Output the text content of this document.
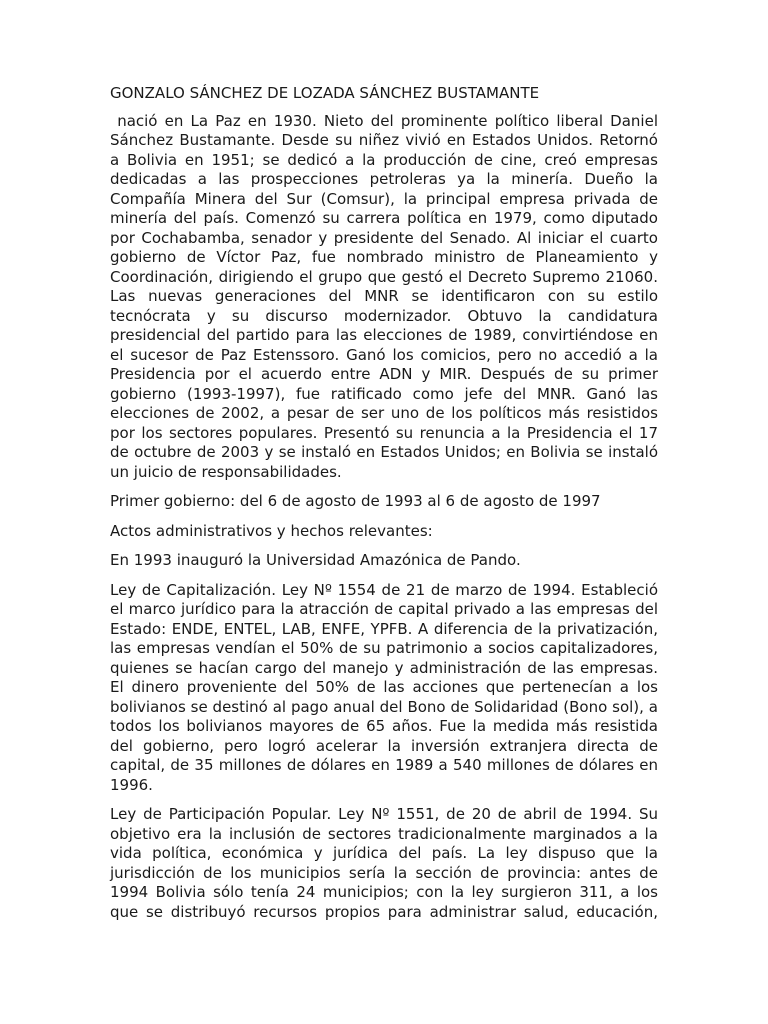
GONZALO SÁNCHEZ DE LOZADA SÁNCHEZ BUSTAMANTE

nació en La Paz en 1930. Nieto del prominente político liberal Daniel Sánchez Bustamante. Desde su niñez vivió en Estados Unidos. Retornó a Bolivia en 1951; se dedicó a la producción de cine, creó empresas dedicadas a las prospecciones petroleras ya la minería. Dueño la Compañía Minera del Sur (Comsur), la principal empresa privada de minería del país. Comenzó su carrera política en 1979, como diputado por Cochabamba, senador y presidente del Senado. Al iniciar el cuarto gobierno de Víctor Paz, fue nombrado ministro de Planeamiento y Coordinación, dirigiendo el grupo que gestó el Decreto Supremo 21060. Las nuevas generaciones del MNR se identificaron con su estilo tecnócrata y su discurso modernizador. Obtuvo la candidatura presidencial del partido para las elecciones de 1989, convirtiéndose en el sucesor de Paz Estenssoro. Ganó los comicios, pero no accedió a la Presidencia por el acuerdo entre ADN y MIR. Después de su primer gobierno (1993-1997), fue ratificado como jefe del MNR. Ganó las elecciones de 2002, a pesar de ser uno de los políticos más resistidos por los sectores populares. Presentó su renuncia a la Presidencia el 17 de octubre de 2003 y se instaló en Estados Unidos; en Bolivia se instaló un juicio de responsabilidades.

Primer gobierno: del 6 de agosto de 1993 al 6 de agosto de 1997

Actos administrativos y hechos relevantes:

En 1993 inauguró la Universidad Amazónica de Pando.

Ley de Capitalización. Ley Nº 1554 de 21 de marzo de 1994. Estableció el marco jurídico para la atracción de capital privado a las empresas del Estado: ENDE, ENTEL, LAB, ENFE, YPFB. A diferencia de la privatización, las empresas vendían el 50% de su patrimonio a socios capitalizadores, quienes se hacían cargo del manejo y administración de las empresas. El dinero proveniente del 50% de las acciones que pertenecían a los bolivianos se destinó al pago anual del Bono de Solidaridad (Bono sol), a todos los bolivianos mayores de 65 años. Fue la medida más resistida del gobierno, pero logró acelerar la inversión extranjera directa de capital, de 35 millones de dólares en 1989 a 540 millones de dólares en 1996.

Ley de Participación Popular. Ley Nº 1551, de 20 de abril de 1994. Su objetivo era la inclusión de sectores tradicionalmente marginados a la vida política, económica y jurídica del país. La ley dispuso que la jurisdicción de los municipios sería la sección de provincia: antes de 1994 Bolivia sólo tenía 24 municipios; con la ley surgieron 311, a los que se distribuyó recursos propios para administrar salud, educación,
